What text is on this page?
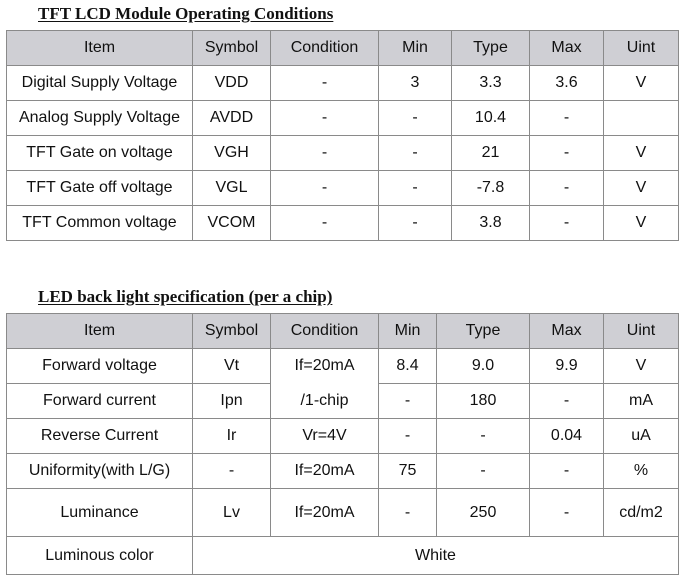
TFT LCD Module Operating Conditions
Item	Symbol	Condition	Min	Type	Max	Uint
Digital Supply Voltage	VDD	-	3	3.3	3.6	V
Analog Supply Voltage	AVDD	-	-	10.4	-	
TFT Gate on voltage	VGH	-	-	21	-	V
TFT Gate off voltage	VGL	-	-	-7.8	-	V
TFT Common voltage	VCOM	-	-	3.8	-	V
LED back light specification (per a chip)
Item	Symbol	Condition	Min	Type	Max	Uint
Forward voltage	Vt	If=20mA	8.4	9.0	9.9	V
Forward current	Ipn	/1-chip	-	180	-	mA
Reverse Current	Ir	Vr=4V	-	-	0.04	uA
Uniformity(with L/G)	-	If=20mA	75	-	-	%
Luminance	Lv	If=20mA	-	250	-	cd/m2
Luminous color	White					
